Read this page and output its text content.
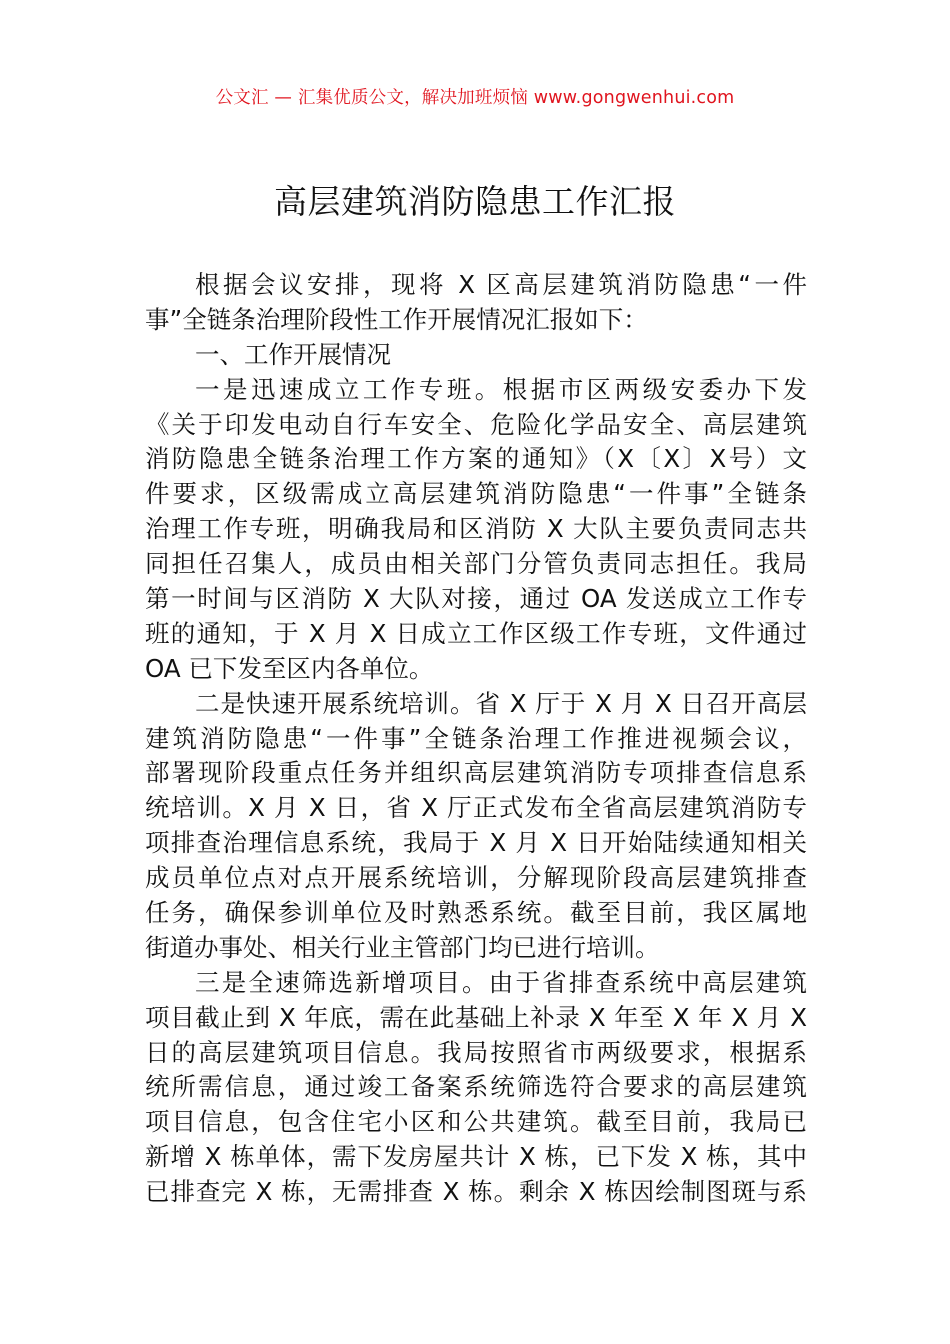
公文汇 — 汇集优质公文，解决加班烦恼 www.gongwenhui.com
高层建筑消防隐患工作汇报
根据会议安排，现将 X 区高层建筑消防隐患“一件
事”全链条治理阶段性工作开展情况汇报如下：
一、工作开展情况
一是迅速成立工作专班。根据市区两级安委办下发
《关于印发电动自行车安全、危险化学品安全、高层建筑
消防隐患全链条治理工作方案的通知》（X〔X〕X号）文
件要求，区级需成立高层建筑消防隐患“一件事”全链条
治理工作专班，明确我局和区消防 X 大队主要负责同志共
同担任召集人，成员由相关部门分管负责同志担任。我局
第一时间与区消防 X 大队对接，通过 OA 发送成立工作专
班的通知，于 X 月 X 日成立工作区级工作专班，文件通过
OA 已下发至区内各单位。
二是快速开展系统培训。省 X 厅于 X 月 X 日召开高层
建筑消防隐患“一件事”全链条治理工作推进视频会议，
部署现阶段重点任务并组织高层建筑消防专项排查信息系
统培训。X 月 X 日，省 X 厅正式发布全省高层建筑消防专
项排查治理信息系统，我局于 X 月 X 日开始陆续通知相关
成员单位点对点开展系统培训，分解现阶段高层建筑排查
任务，确保参训单位及时熟悉系统。截至目前，我区属地
街道办事处、相关行业主管部门均已进行培训。
三是全速筛选新增项目。由于省排查系统中高层建筑
项目截止到 X 年底，需在此基础上补录 X 年至 X 年 X 月 X
日的高层建筑项目信息。我局按照省市两级要求，根据系
统所需信息，通过竣工备案系统筛选符合要求的高层建筑
项目信息，包含住宅小区和公共建筑。截至目前，我局已
新增 X 栋单体，需下发房屋共计 X 栋，已下发 X 栋，其中
已排查完 X 栋，无需排查 X 栋。剩余 X 栋因绘制图斑与系
